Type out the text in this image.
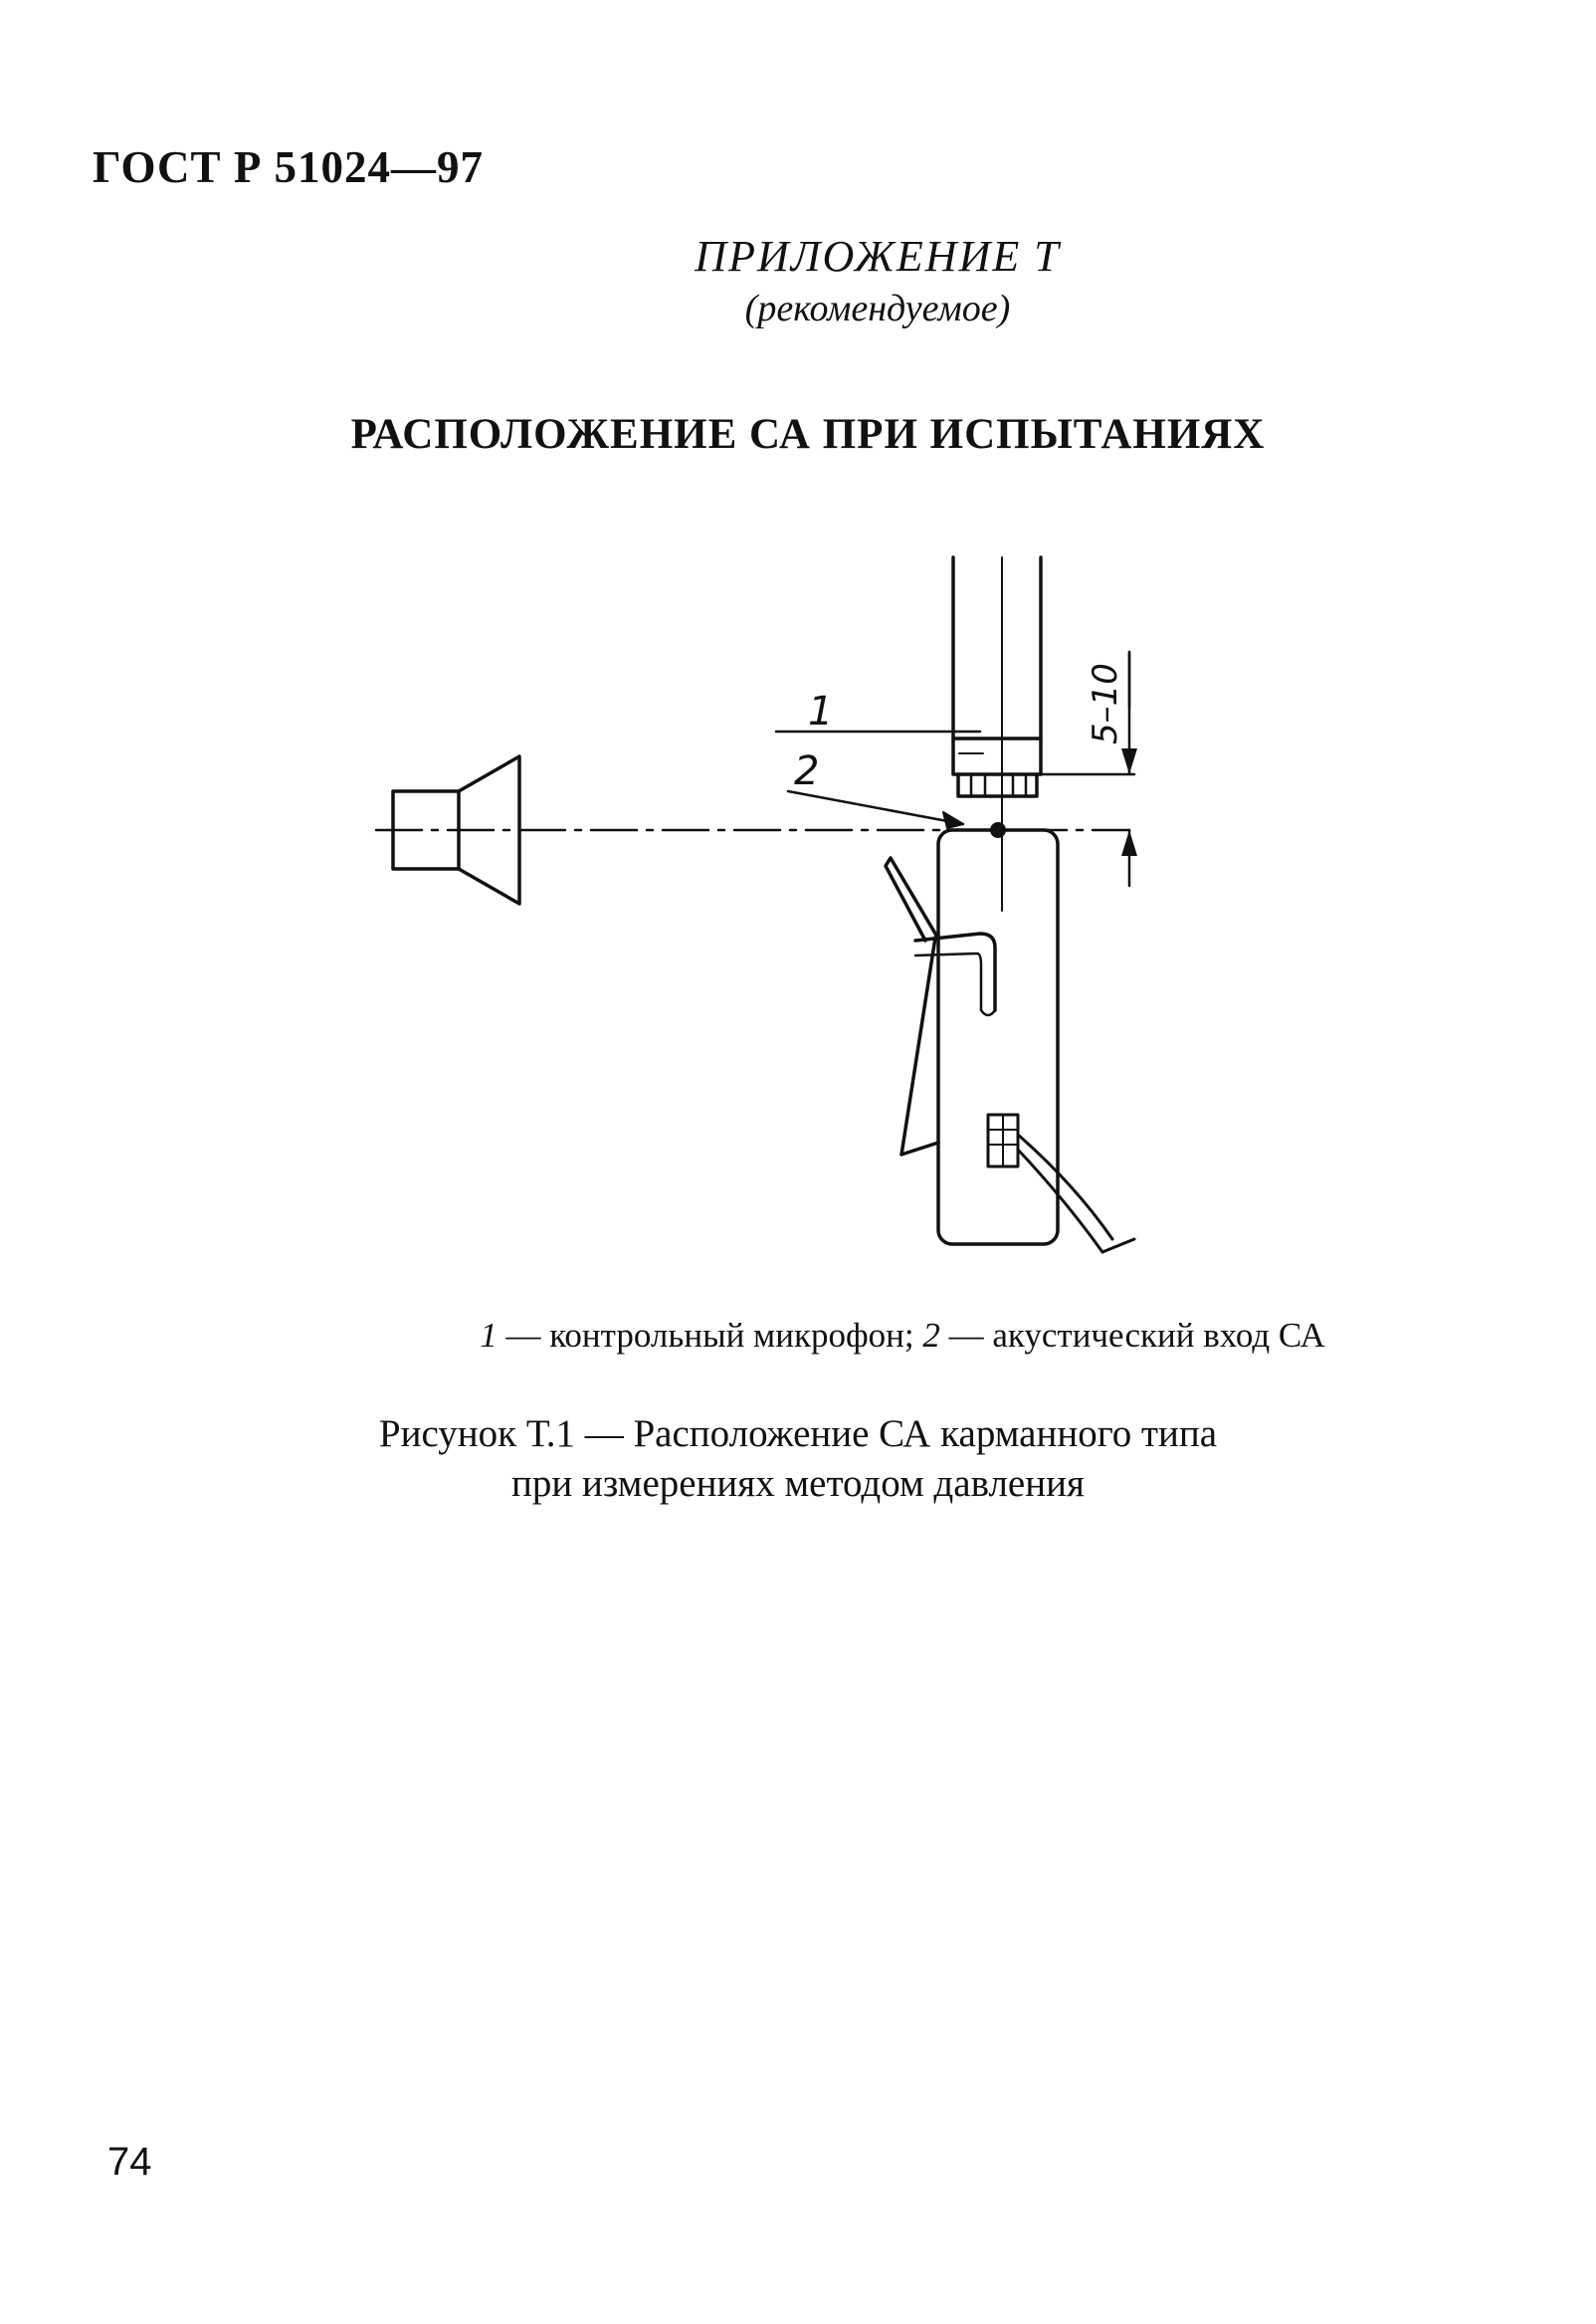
ГОСТ Р 51024—97
ПРИЛОЖЕНИЕ Т
(рекомендуемое)
РАСПОЛОЖЕНИЕ СА ПРИ ИСПЫТАНИЯХ
1
2
5–10
1 — контрольный микрофон; 2 — акустический вход СА
Рисунок Т.1 — Расположение СА карманного типа
при измерениях методом давления
74
